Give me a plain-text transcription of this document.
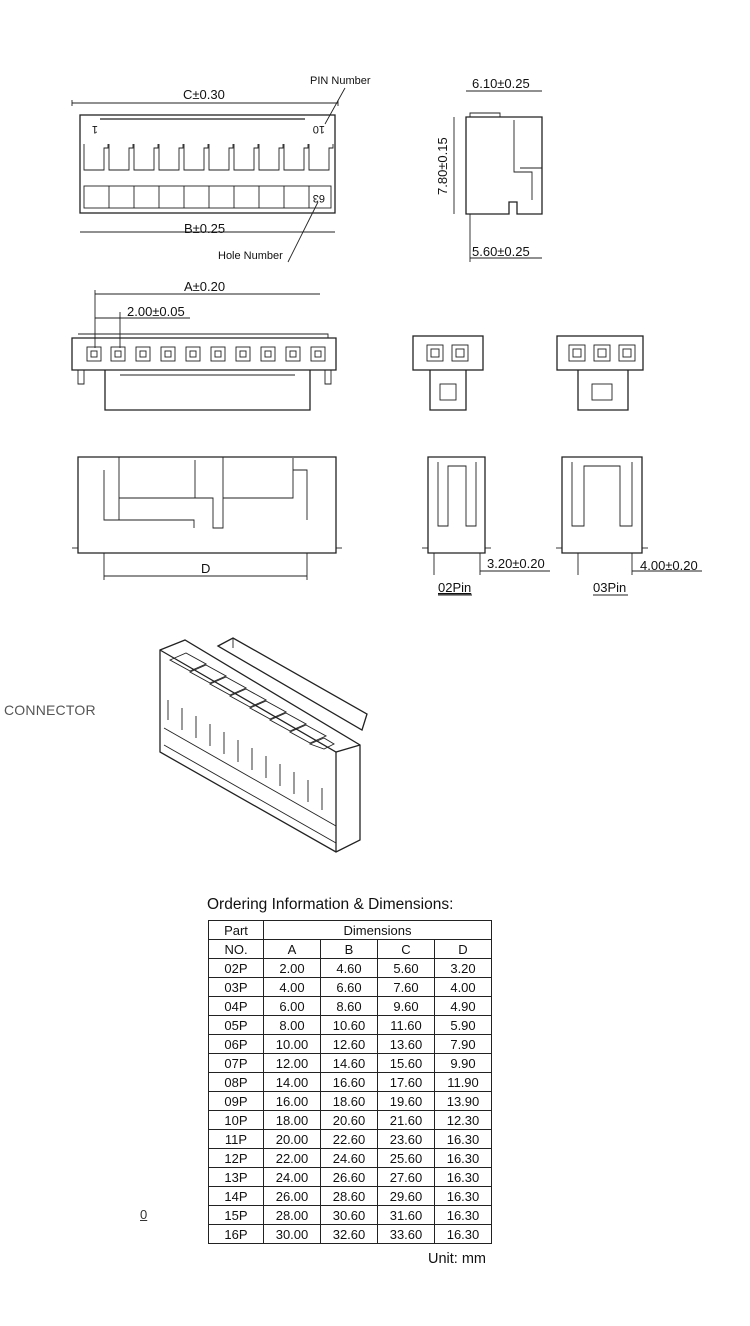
C±0.30
PIN Number
1	10
63
B±0.25
Hole Number
6.10±0.25
7.80±0.15
5.60±0.25
A±0.20
2.00±0.05
D	3.20±0.20
02Pin
4.00±0.20
03Pin
CONNECTOR
Ordering Information & Dimensions:
Part	Dimensions			
NO.	A	B	C	D
02P	2.00	4.60	5.60	3.20
03P	4.00	6.60	7.60	4.00
04P	6.00	8.60	9.60	4.90
05P	8.00	10.60	11.60	5.90
06P	10.00	12.60	13.60	7.90
07P	12.00	14.60	15.60	9.90
08P	14.00	16.60	17.60	11.90
09P	16.00	18.60	19.60	13.90
10P	18.00	20.60	21.60	12.30
11P	20.00	22.60	23.60	16.30
12P	22.00	24.60	25.60	16.30
13P	24.00	26.60	27.60	16.30
14P	26.00	28.60	29.60	16.30
15P	28.00	30.60	31.60	16.30
16P	30.00	32.60	33.60	16.30
Unit: mm
0
